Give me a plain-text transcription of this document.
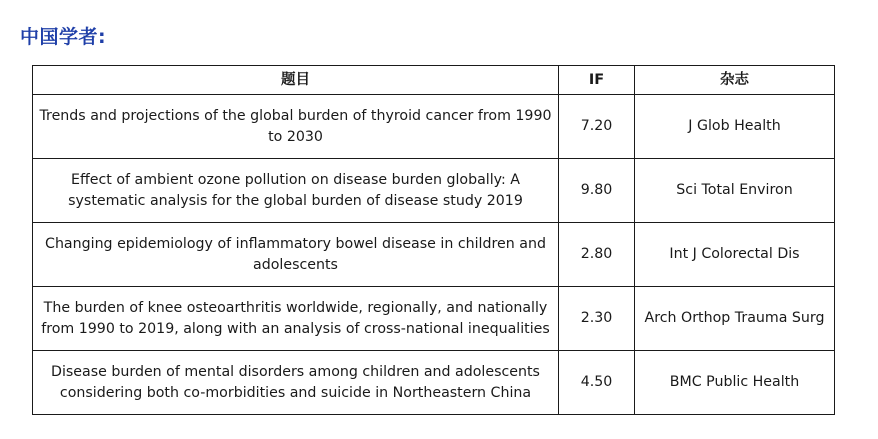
中国学者:
题目	IF	杂志
Trends and projections of the global burden of thyroid cancer from 1990 to 2030	7.20	J Glob Health
Effect of ambient ozone pollution on disease burden globally: A systematic analysis for the global burden of disease study 2019	9.80	Sci Total Environ
Changing epidemiology of inflammatory bowel disease in children and adolescents	2.80	Int J Colorectal Dis
The burden of knee osteoarthritis worldwide, regionally, and nationally from 1990 to 2019, along with an analysis of cross-national inequalities	2.30	Arch Orthop Trauma Surg
Disease burden of mental disorders among children and adolescents considering both co-morbidities and suicide in Northeastern China	4.50	BMC Public Health
